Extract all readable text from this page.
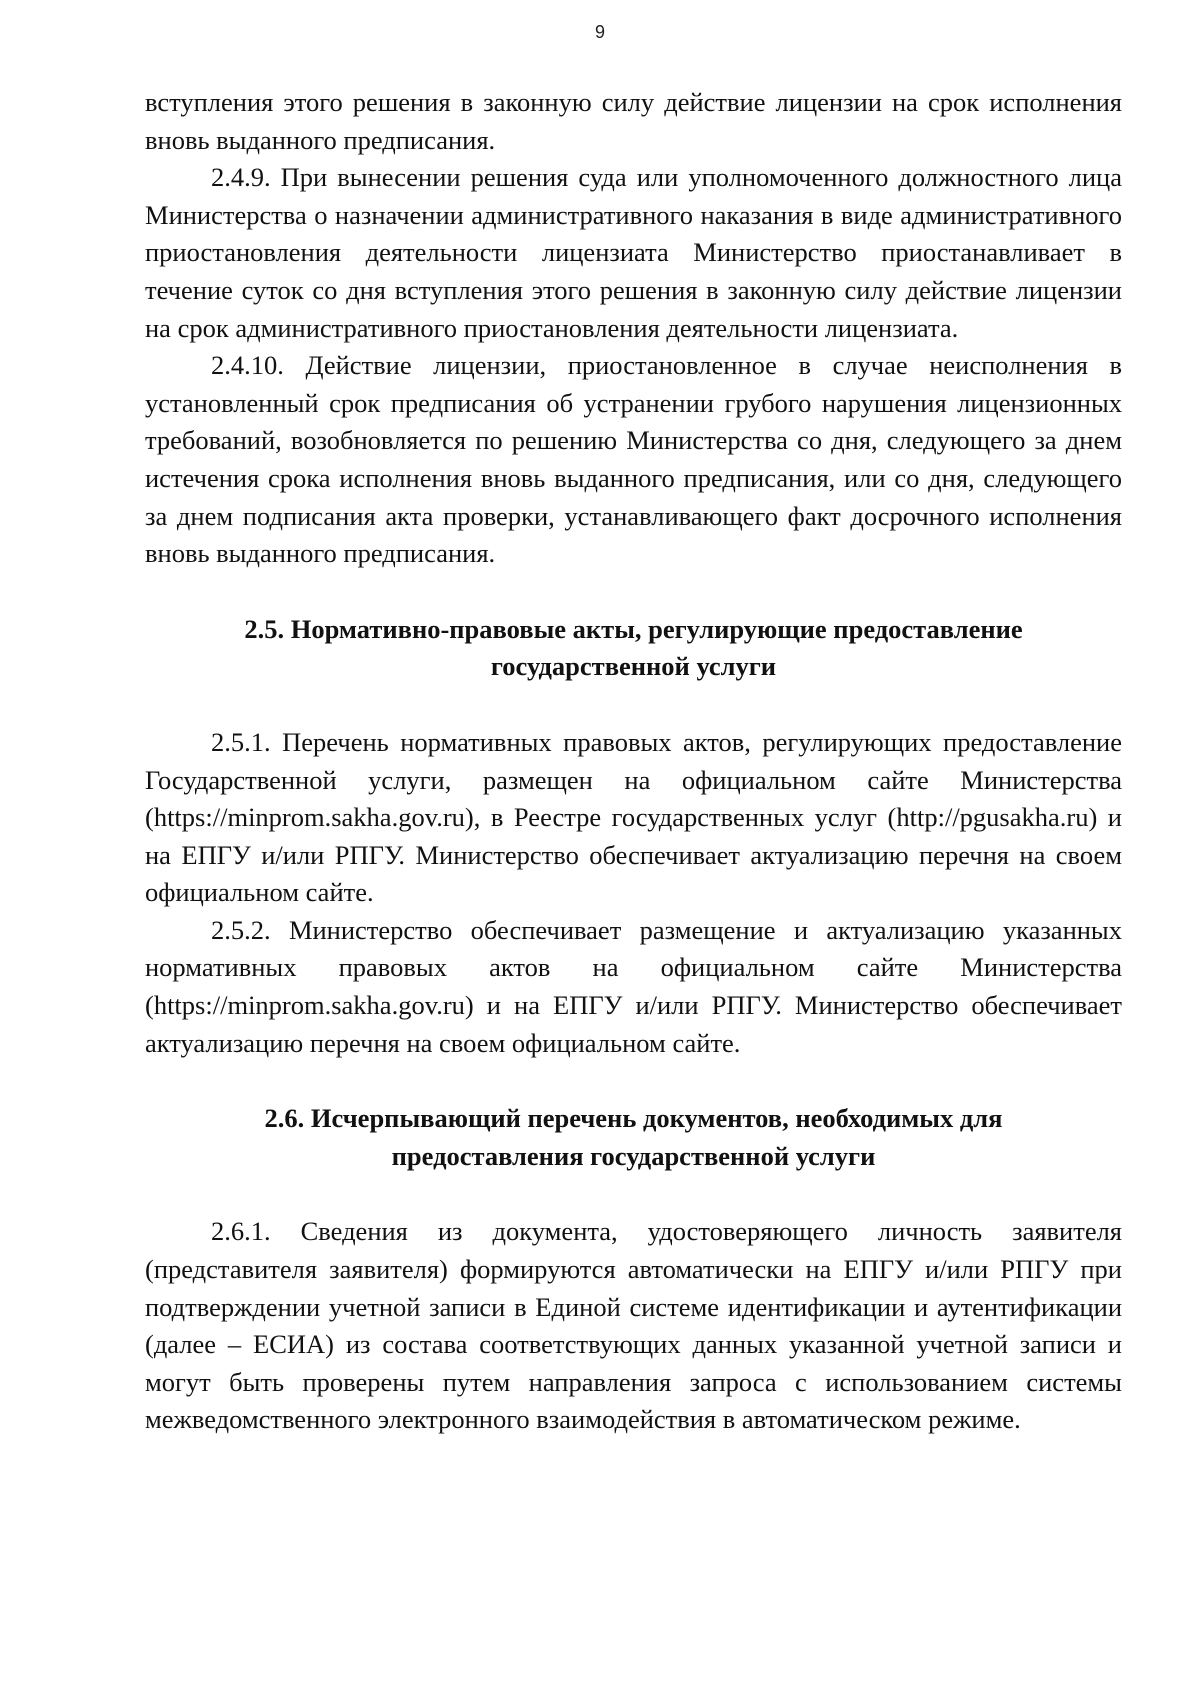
9

вступления этого решения в законную силу действие лицензии на срок исполнения вновь выданного предписания.

2.4.9. При вынесении решения суда или уполномоченного должностного лица Министерства о назначении административного наказания в виде административного приостановления деятельности лицензиата Министерство приостанавливает в течение суток со дня вступления этого решения в законную силу действие лицензии на срок административного приостановления деятельности лицензиата.

2.4.10. Действие лицензии, приостановленное в случае неисполнения в установленный срок предписания об устранении грубого нарушения лицензионных требований, возобновляется по решению Министерства со дня, следующего за днем истечения срока исполнения вновь выданного предписания, или со дня, следующего за днем подписания акта проверки, устанавливающего факт досрочного исполнения вновь выданного предписания.

2.5. Нормативно-правовые акты, регулирующие предоставление

государственной услуги

2.5.1. Перечень нормативных правовых актов, регулирующих предоставление Государственной услуги, размещен на официальном сайте Министерства (https://minprom.sakha.gov.ru), в Реестре государственных услуг (http://pgusakha.ru) и на ЕПГУ и/или РПГУ. Министерство обеспечивает актуализацию перечня на своем официальном сайте.

2.5.2. Министерство обеспечивает размещение и актуализацию указанных нормативных правовых актов на официальном сайте Министерства (https://minprom.sakha.gov.ru) и на ЕПГУ и/или РПГУ. Министерство обеспечивает актуализацию перечня на своем официальном сайте.

2.6. Исчерпывающий перечень документов, необходимых для

предоставления государственной услуги

2.6.1. Сведения из документа, удостоверяющего личность заявителя (представителя заявителя) формируются автоматически на ЕПГУ и/или РПГУ при подтверждении учетной записи в Единой системе идентификации и аутентификации (далее – ЕСИА) из состава соответствующих данных указанной учетной записи и могут быть проверены путем направления запроса с использованием системы межведомственного электронного взаимодействия в автоматическом режиме.
